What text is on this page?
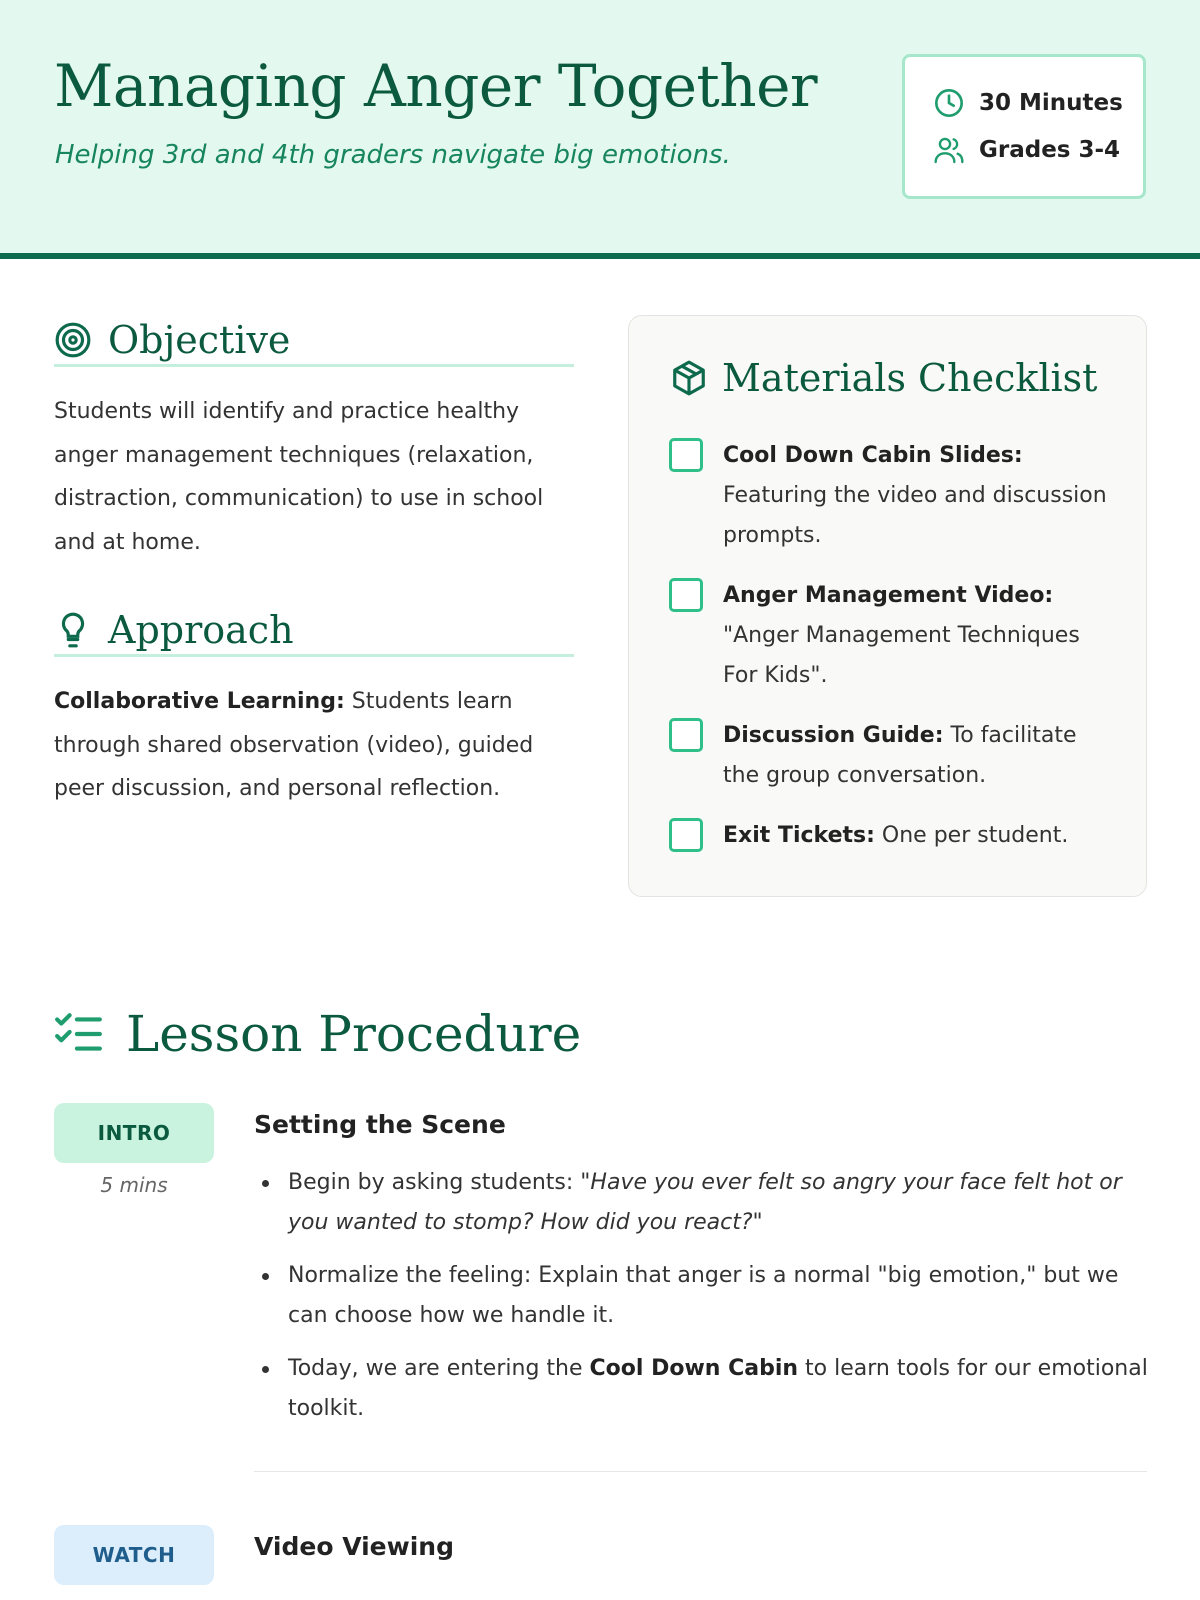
Managing Anger Together
Helping 3rd and 4th graders navigate big emotions.
30 Minutes
Grades 3-4
Objective
Students will identify and practice healthy anger management techniques (relaxation, distraction, communication) to use in school and at home.
Approach
Collaborative Learning: Students learn through shared observation (video), guided peer discussion, and personal reflection.
Materials Checklist
Cool Down Cabin Slides: Featuring the video and discussion prompts.
Anger Management Video: "Anger Management Techniques For Kids".
Discussion Guide: To facilitate the group conversation.
Exit Tickets: One per student.
Lesson Procedure
INTRO
5 mins
Setting the Scene
Begin by asking students: "Have you ever felt so angry your face felt hot or you wanted to stomp? How did you react?"
Normalize the feeling: Explain that anger is a normal "big emotion," but we can choose how we handle it.
Today, we are entering the Cool Down Cabin to learn tools for our emotional toolkit.
WATCH	Video Viewing
